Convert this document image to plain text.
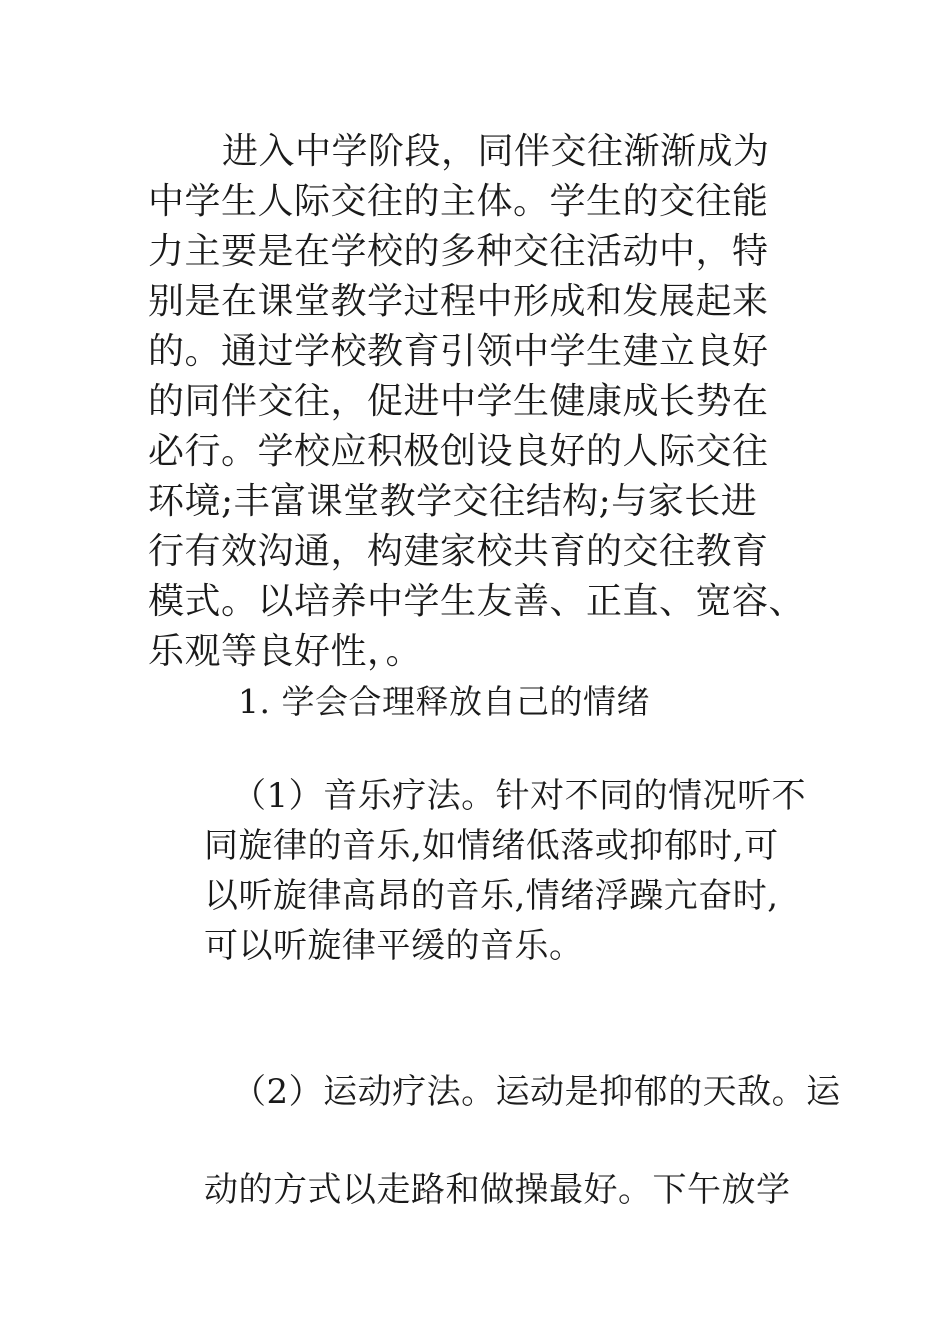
进入中学阶段，同伴交往渐渐成为
中学生人际交往的主体。学生的交往能
力主要是在学校的多种交往活动中，特
别是在课堂教学过程中形成和发展起来
的。通过学校教育引领中学生建立良好
的同伴交往，促进中学生健康成长势在
必行。学校应积极创设良好的人际交往
环境;丰富课堂教学交往结构;与家长进
行有效沟通，构建家校共育的交往教育
模式。以培养中学生友善、正直、宽容、
乐观等良好性，。
1. 学会合理释放自己的情绪
（1）音乐疗法。针对不同的情况听不
同旋律的音乐,如情绪低落或抑郁时,可
以听旋律高昂的音乐,情绪浮躁亢奋时,
可以听旋律平缓的音乐。
（2）运动疗法。运动是抑郁的天敌。运
动的方式以走路和做操最好。下午放学
